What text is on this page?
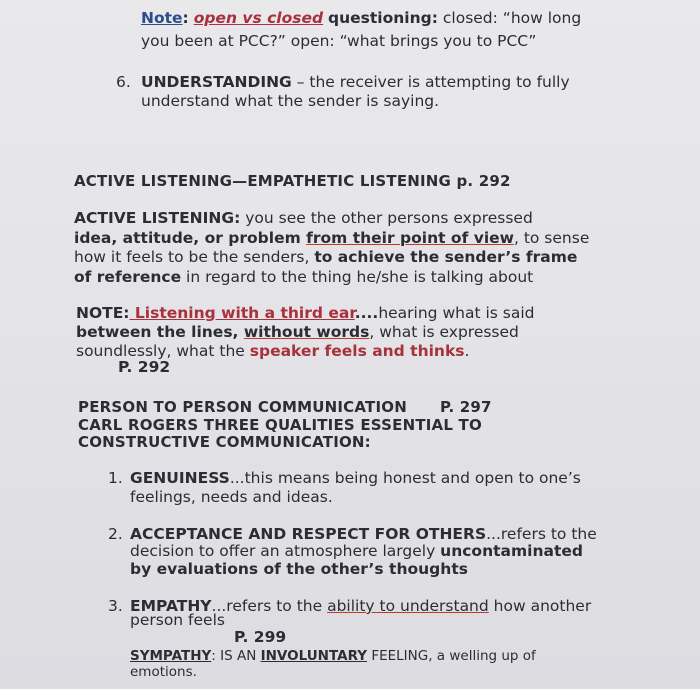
Note: open vs closed questioning: closed: “how long
you been at PCC?” open: “what brings you to PCC”
6. UNDERSTANDING – the receiver is attempting to fully
understand what the sender is saying.
ACTIVE LISTENING—EMPATHETIC LISTENING p. 292
ACTIVE LISTENING: you see the other persons expressed
idea, attitude, or problem from their point of view, to sense
how it feels to be the senders, to achieve the sender’s frame
of reference in regard to the thing he/she is talking about
NOTE: Listening with a third ear....hearing what is said
between the lines, without words, what is expressed
soundlessly, what the speaker feels and thinks.
P. 292
PERSON TO PERSON COMMUNICATION P. 297
CARL ROGERS THREE QUALITIES ESSENTIAL TO
CONSTRUCTIVE COMMUNICATION:
1. GENUINESS...this means being honest and open to one’s
feelings, needs and ideas.
2. ACCEPTANCE AND RESPECT FOR OTHERS...refers to the
decision to offer an atmosphere largely uncontaminated
by evaluations of the other’s thoughts
3. EMPATHY...refers to the ability to understand how another
person feels
P. 299
SYMPATHY: IS AN INVOLUNTARY FEELING, a welling up of
emotions.
